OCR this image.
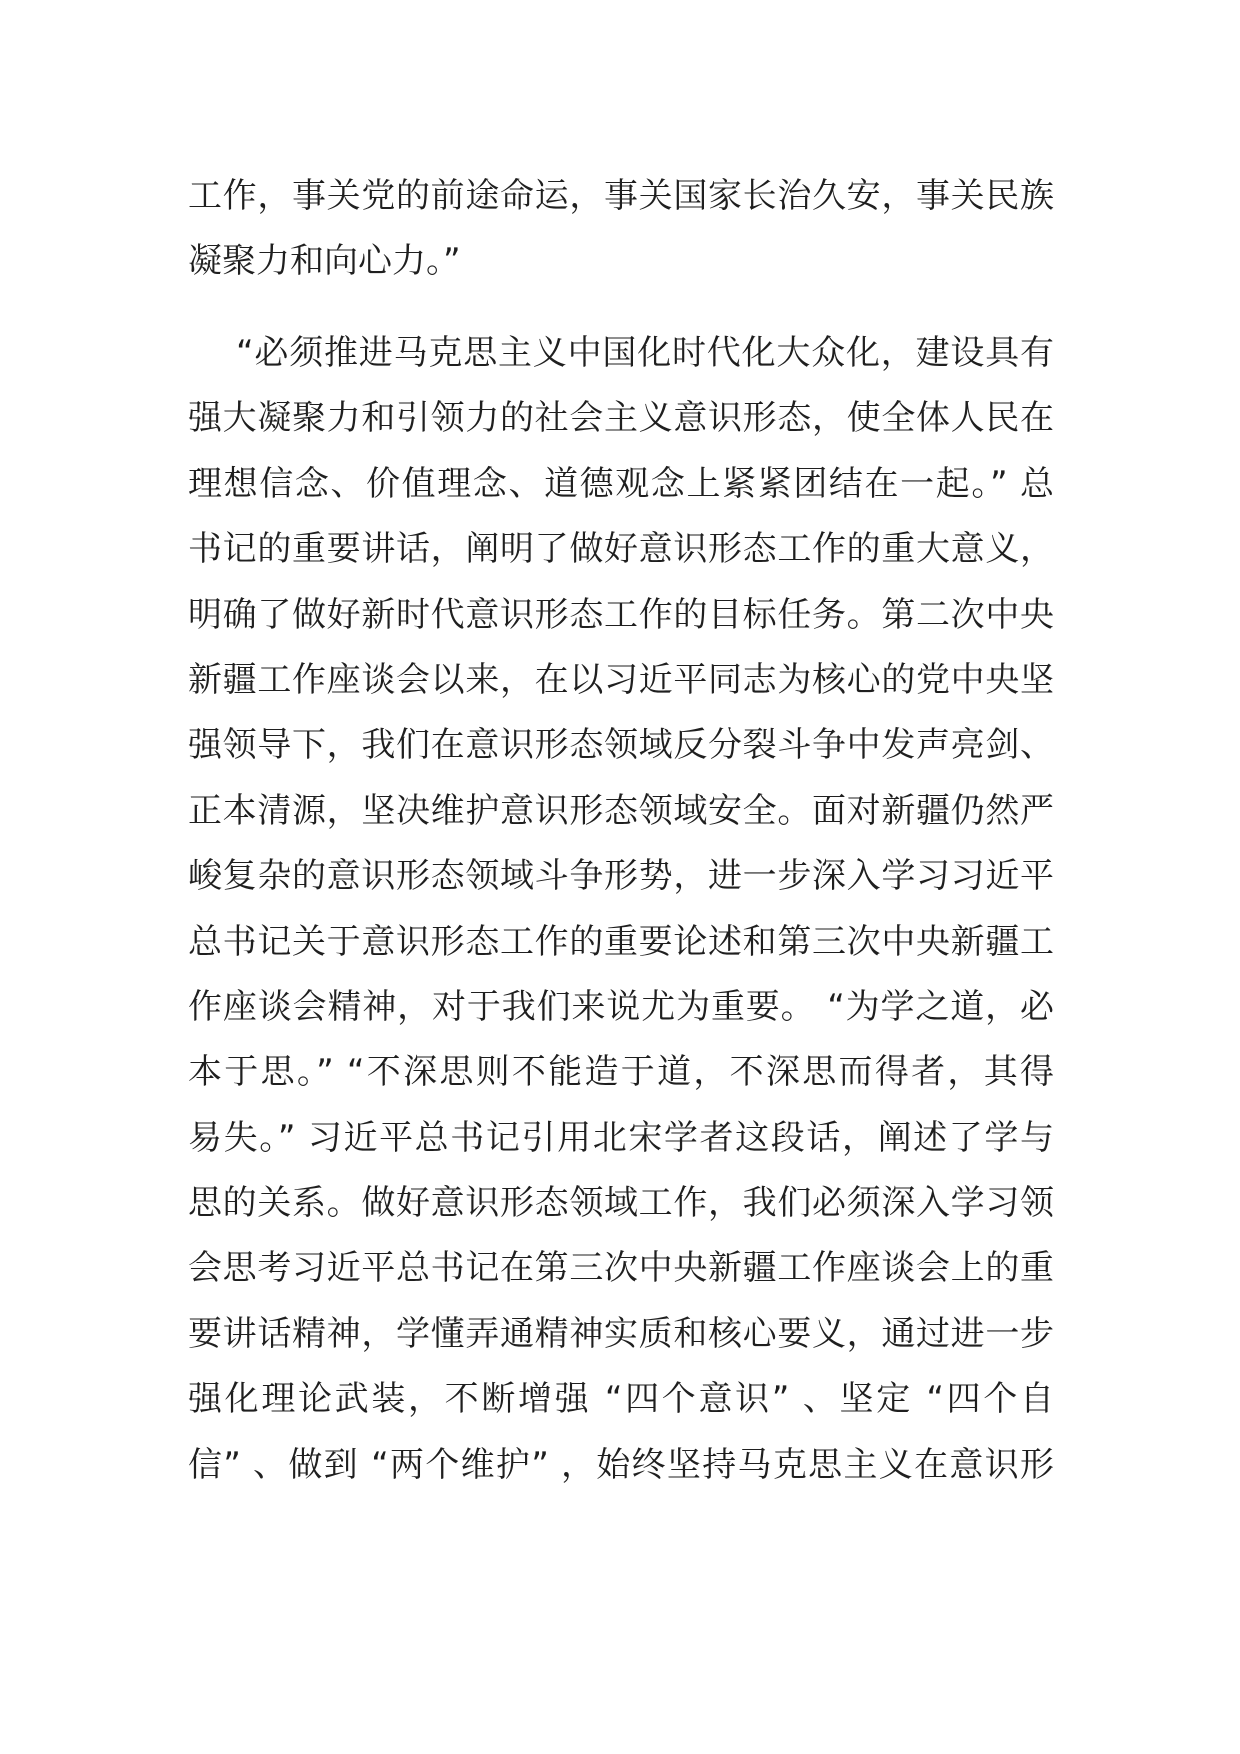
工作，事关党的前途命运，事关国家长治久安，事关民族
凝聚力和向心力。”
“必须推进马克思主义中国化时代化大众化，建设具有
强大凝聚力和引领力的社会主义意识形态，使全体人民在
理想信念、价值理念、道德观念上紧紧团结在一起。” 总
书记的重要讲话，阐明了做好意识形态工作的重大意义，
明确了做好新时代意识形态工作的目标任务。第二次中央
新疆工作座谈会以来，在以习近平同志为核心的党中央坚
强领导下，我们在意识形态领域反分裂斗争中发声亮剑、
正本清源，坚决维护意识形态领域安全。面对新疆仍然严
峻复杂的意识形态领域斗争形势，进一步深入学习习近平
总书记关于意识形态工作的重要论述和第三次中央新疆工
作座谈会精神，对于我们来说尤为重要。 “为学之道，必
本于思。” “不深思则不能造于道，不深思而得者，其得
易失。” 习近平总书记引用北宋学者这段话，阐述了学与
思的关系。做好意识形态领域工作，我们必须深入学习领
会思考习近平总书记在第三次中央新疆工作座谈会上的重
要讲话精神，学懂弄通精神实质和核心要义，通过进一步
强化理论武装，不断增强 “四个意识” 、坚定 “四个自
信” 、做到 “两个维护” ，始终坚持马克思主义在意识形
